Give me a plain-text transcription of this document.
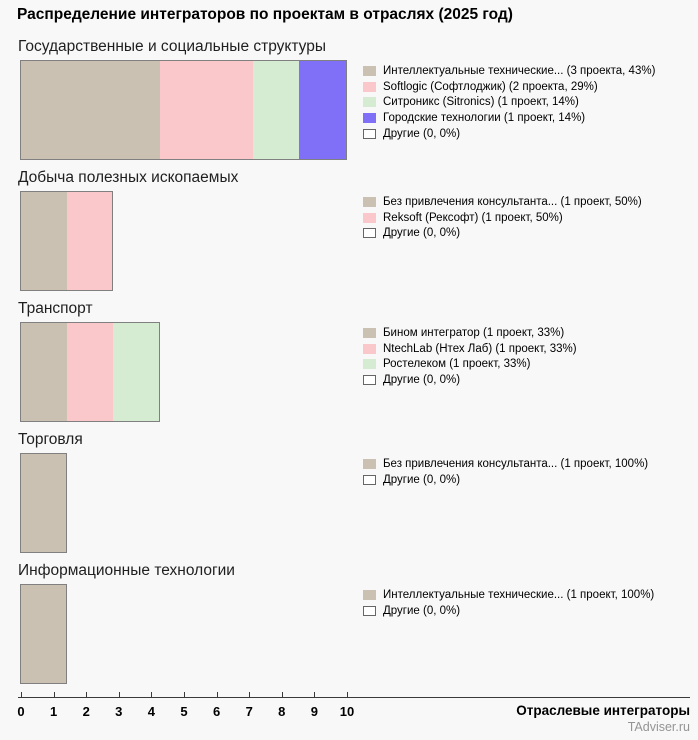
Распределение интеграторов по проектам в отраслях (2025 год)
Государственные и социальные структуры
Интеллектуальные технические... (3 проекта, 43%)
Softlogic (Софтлоджик) (2 проекта, 29%)
Ситроникс (Sitronics) (1 проект, 14%)
Городские технологии (1 проект, 14%)
Другие (0, 0%)
Добыча полезных ископаемых
Без привлечения консультанта... (1 проект, 50%)
Reksoft (Рексофт) (1 проект, 50%)
Другие (0, 0%)
Транспорт
Бином интегратор (1 проект, 33%)
NtechLab (Нтех Лаб) (1 проект, 33%)
Ростелеком (1 проект, 33%)
Другие (0, 0%)
Торговля
Без привлечения консультанта... (1 проект, 100%)
Другие (0, 0%)
Информационные технологии
Интеллектуальные технические... (1 проект, 100%)
Другие (0, 0%)
0 1 2 3 4 5 6 7 8 9 10	Отраслевые интеграторы
TAdviser.ru
